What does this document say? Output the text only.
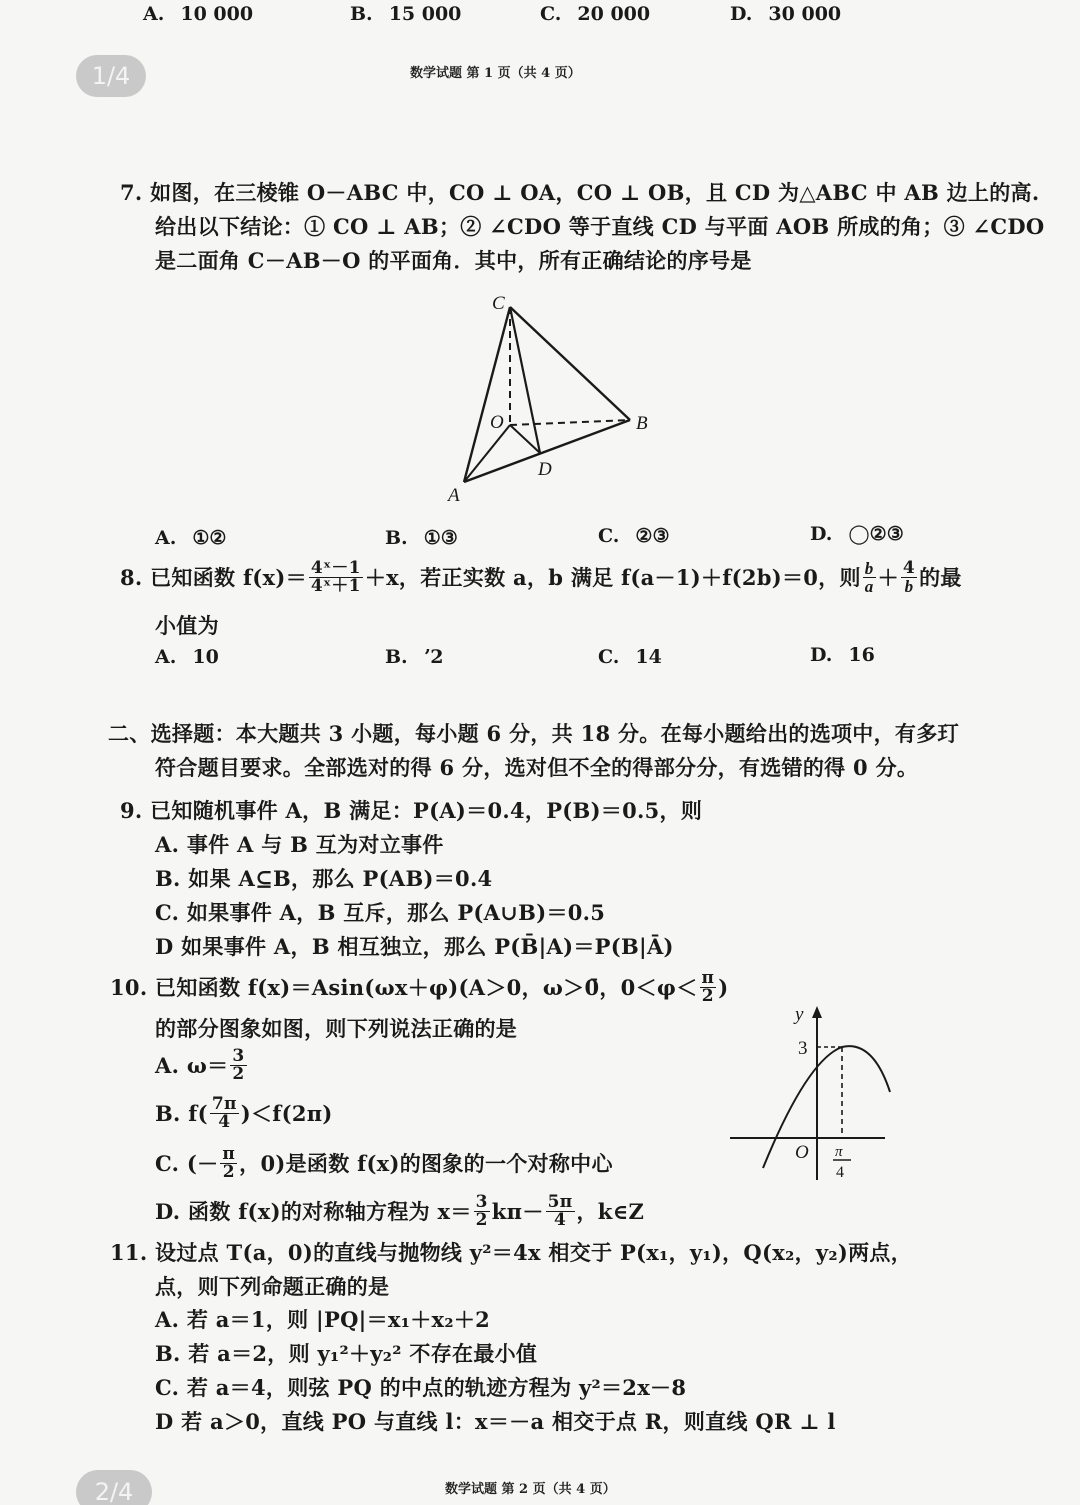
A. 10 000	B. 15 000	C. 20 000	D. 30 000
1/4	数学试题 第 1 页（共 4 页）
7. 如图，在三棱锥 O－ABC 中，CO ⊥ OA，CO ⊥ OB，且 CD 为△ABC 中 AB 边上的高.
给出以下结论：① CO ⊥ AB；② ∠CDO 等于直线 CD 与平面 AOB 所成的角；③ ∠CDO
是二面角 C－AB－O 的平面角．其中，所有正确结论的序号是
C
O	B
D
A
A. ①②	B. ①③	C. ②③	D. ◯②③
8. 已知函数 $f(x)= \frac{\text{4ˣ－1}}{\text{4ˣ＋1}} +x$，若正实数 a，b 满足 f(a－1)＋f(2b)＝0，则 $\frac{b}{a} + \frac{4}{b}$ 的最
小值为
A. 10	B. ʼ2	C. 14	D. 16
二、选择题：本大题共 3 小题，每小题 6 分，共 18 分。在每小题给出的选项中，有多玎
符合题目要求。全部选对的得 6 分，选对但不全的得部分分，有选错的得 0 分。
9. 已知随机事件 A，B 满足：P(A)＝0.4，P(B)＝0.5，则
A. 事件 A 与 B 互为对立事件
B. 如果 A⊆B，那么 P(AB)＝0.4
C. 如果事件 A，B 互斥，那么 P(A∪B)＝0.5
D 如果事件 A，B 相互独立，那么 P(B̄|A)＝P(B|Ā)
10. 已知函数 f(x)＝Asin(ωx＋φ)(A＞0，ω＞0̄，$0<\varphi< \frac{\pi}{2}$ )
的部分图象如图，则下列说法正确的是
A. $\omega= \frac{3}{2}$
B. $f( \frac{7\pi}{4} )<f(2\pi)$
C. (－ $\frac{\pi}{2}$ ，0)是函数 f(x)的图象的一个对称中心
D. 函数 f(x)的对称轴方程为 $x= \frac{3}{2} k\pi- \frac{5\pi}{4}$ ，k∈Z
y
3
O π
4
11. 设过点 T(a，0)的直线与抛物线 y²＝4x 相交于 P(x₁，y₁)，Q(x₂，y₂)两点，
点，则下列命题正确的是
A. 若 a＝1，则 |PQ|＝x₁＋x₂＋2
B. 若 a＝2，则 y₁²＋y₂² 不存在最小值
C. 若 a＝4，则弦 PQ 的中点的轨迹方程为 y²＝2x－8
D 若 a＞0，直线 PO 与直线 l：x＝－a 相交于点 R，则直线 QR ⊥ l
2/4	数学试题 第 2 页（共 4 页）
